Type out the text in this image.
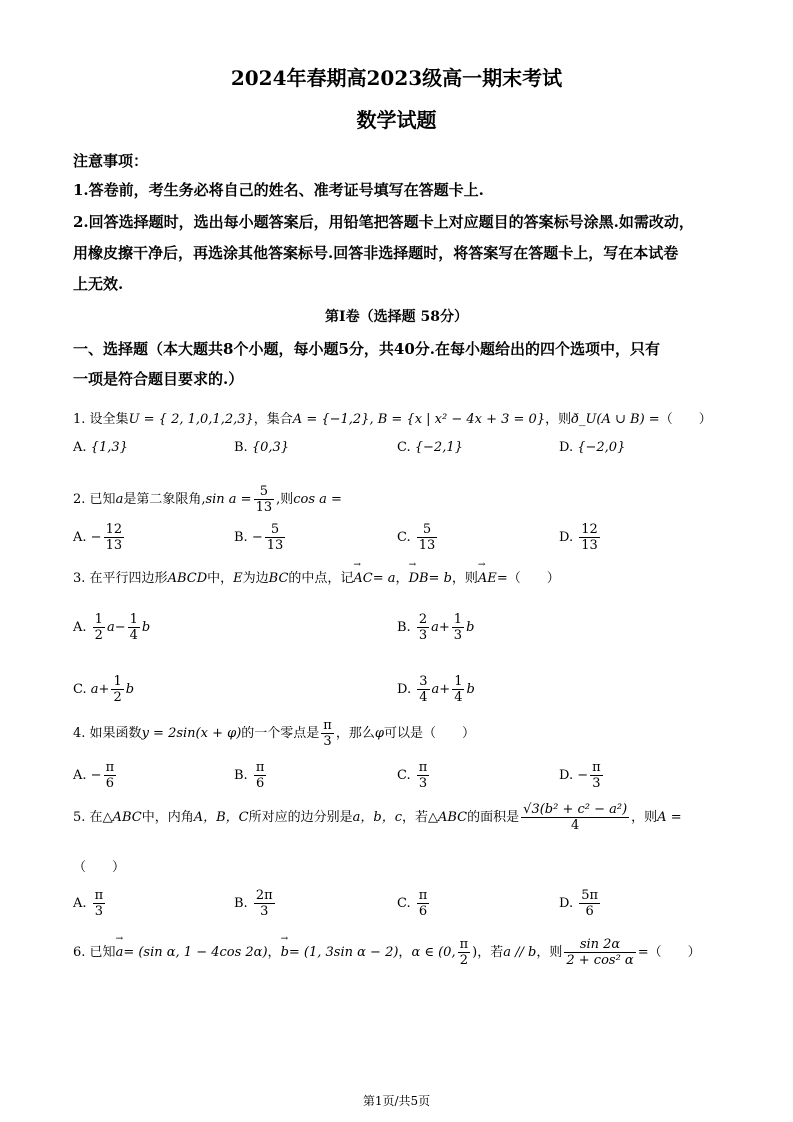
2024年春期高2023级高一期末考试
数学试题
注意事项：
1.答卷前，考生务必将自己的姓名、准考证号填写在答题卡上.
2.回答选择题时，选出每小题答案后，用铅笔把答题卡上对应题目的答案标号涂黑.如需改动，
用橡皮擦干净后，再选涂其他答案标号.回答非选择题时，将答案写在答题卡上，写在本试卷
上无效.
第I卷（选择题 58分）
一、选择题（本大题共8个小题，每小题5分，共40分.在每小题给出的四个选项中，只有
一项是符合题目要求的.）
1. 设全集U = { 2, 1,0,1,2,3}，集合A = {−1,2}, B = {x | x² − 4x + 3 = 0}，则ð_U(A ∪ B) =（　　）
A. {1,3}	B. {0,3}	C. {−2,1}	D. {−2,0}
2. 已知a是第二象限角,sin $a = \frac{5}{13}$ ,则cos a =
A. − $\frac{12}{13}$	B. − $\frac{5}{13}$	C. $\frac{5}{13}$	D. $\frac{12}{13}$
3. 在平行四边形ABCD中，E为边BC的中点，记→ AC= a，→ DB= b，则→ AE=（　　）
A. $\frac{1}{2} a- \frac{1}{4}$ b	B. $\frac{2}{3} a+ \frac{1}{3}$ b
C. $a+ \frac{1}{2}$ b	D. $\frac{3}{4} a+ \frac{1}{4}$ b
4. 如果函数y = 2sin(x + φ)的一个零点是 $\frac{\pi}{3}$ ，那么φ可以是（　　）
A. − $\frac{\pi}{6}$	B. $\frac{\pi}{6}$	C. $\frac{\pi}{3}$	D. − $\frac{\pi}{3}$
5. 在△ABC中，内角A，B，C所对应的边分别是a，b，c，若△ABC的面积是 $\frac{\text{√3(b² + c² − a²)}}{4}$ ，则A =
（　　）
A. $\frac{\pi}{3}$	B. $\frac{2\pi}{3}$	C. $\frac{\pi}{6}$	D. $\frac{5\pi}{6}$
6. 已知→ a= (sin α, 1 − 4cos 2α)，→ b= (1, 3sin α − 2)，α ∈ (0, $\frac{\pi}{2}$ )，若a // b，则 $\frac{\sin 2\alpha}{\text{2 + cos² α}}$ =（　　）
第1页/共5页
